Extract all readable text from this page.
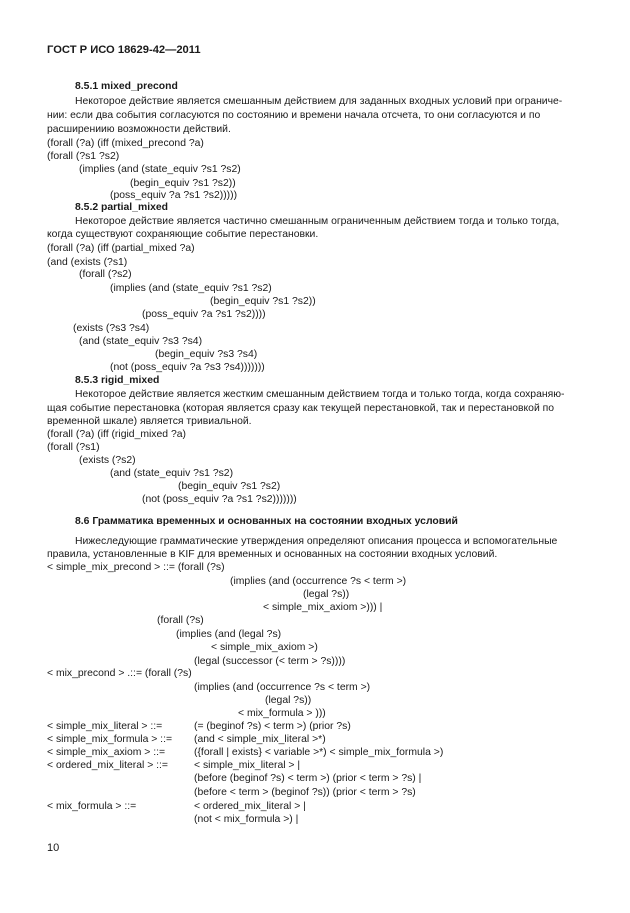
ГОСТ Р ИСО 18629-42—2011
8.5.1 mixed_precond
Некоторое действие является смешанным действием для заданных входных условий при ограниче-
нии: если два события согласуются по состоянию и времени начала отсчета, то они согласуются и по
расширениию возможности действий.
(forall (?a) (iff (mixed_precond ?a)
(forall (?s1 ?s2)
(implies (and (state_equiv ?s1 ?s2)
(begin_equiv ?s1 ?s2))
(poss_equiv ?a ?s1 ?s2)))))
8.5.2 partial_mixed
Некоторое действие является частично смешанным ограниченным действием тогда и только тогда,
когда существуют сохраняющие событие перестановки.
(forall (?a) (iff (partial_mixed ?a)
(and (exists (?s1)
(forall (?s2)
(implies (and (state_equiv ?s1 ?s2)
(begin_equiv ?s1 ?s2))
(poss_equiv ?a ?s1 ?s2))))
(exists (?s3 ?s4)
(and (state_equiv ?s3 ?s4)
(begin_equiv ?s3 ?s4)
(not (poss_equiv ?a ?s3 ?s4)))))))
8.5.3 rigid_mixed
Некоторое действие является жестким смешанным действием тогда и только тогда, когда сохраняю-
щая событие перестановка (которая является сразу как текущей перестановкой, так и перестановкой по
временной шкале) является тривиальной.
(forall (?a) (iff (rigid_mixed ?a)
(forall (?s1)
(exists (?s2)
(and (state_equiv ?s1 ?s2)
(begin_equiv ?s1 ?s2)
(not (poss_equiv ?a ?s1 ?s2)))))))
8.6 Грамматика временных и основанных на состоянии входных условий
Нижеследующие грамматические утверждения определяют описания процесса и вспомогательные
правила, установленные в KIF для временных и основанных на состоянии входных условий.
< simple_mix_precond > ::= (forall (?s)
(implies (and (occurrence ?s < term >)
(legal ?s))
< simple_mix_axiom >))) |
(forall (?s)
(implies (and (legal ?s)
< simple_mix_axiom >)
(legal (successor (< term > ?s))))
< mix_precond > .::= (forall (?s)
(implies (and (occurrence ?s < term >)
(legal ?s))
< mix_formula > )))
< simple_mix_literal > ::=	(= (beginof ?s) < term >) (prior ?s)
< simple_mix_formula > ::= (and < simple_mix_literal >*)
< simple_mix_axiom > ::=	({forall | exists} < variable >*) < simple_mix_formula >)
< ordered_mix_literal > ::=	< simple_mix_literal > |
(before (beginof ?s) < term >) (prior < term > ?s) |
(before < term > (beginof ?s)) (prior < term > ?s)
< mix_formula > ::=	< ordered_mix_literal > |
(not < mix_formula >) |
10
